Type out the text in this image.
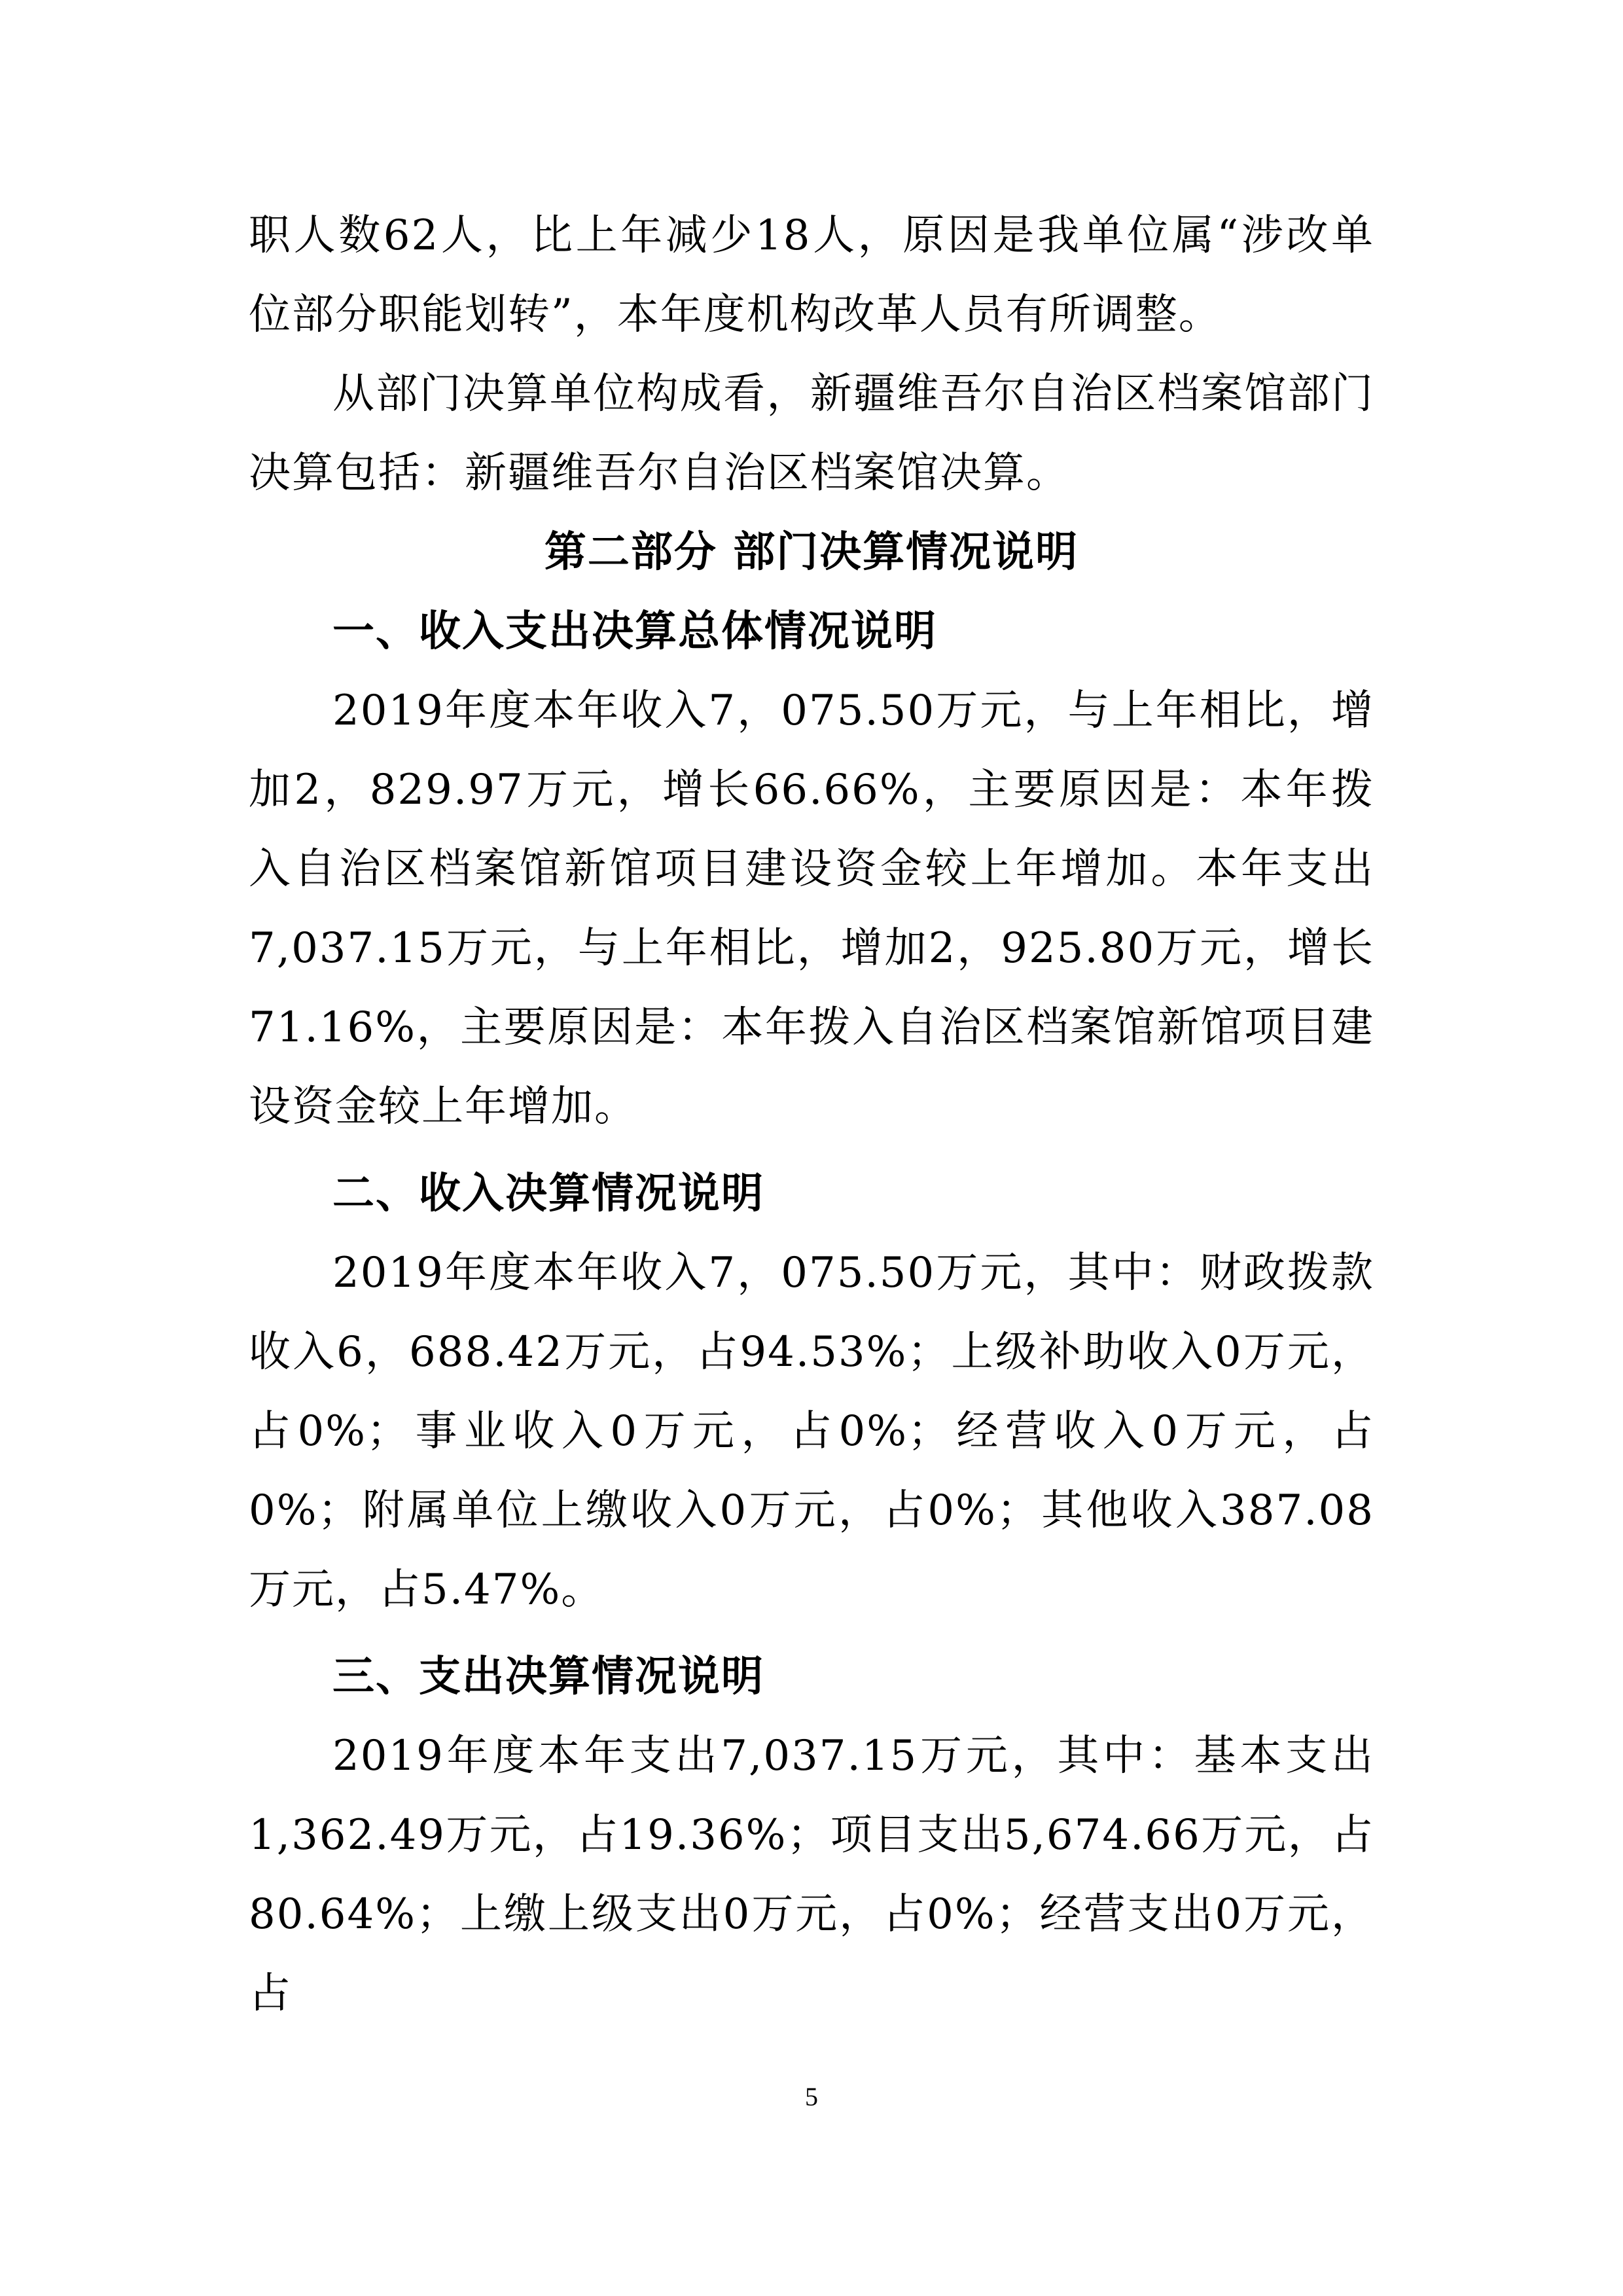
职人数62人，比上年减少18人，原因是我单位属“涉改单位部分职能划转”，本年度机构改革人员有所调整。

从部门决算单位构成看，新疆维吾尔自治区档案馆部门决算包括：新疆维吾尔自治区档案馆决算。

第二部分 部门决算情况说明

一、收入支出决算总体情况说明

2019年度本年收入7，075.50万元，与上年相比，增加2，829.97万元，增长66.66%，主要原因是：本年拨入自治区档案馆新馆项目建设资金较上年增加。本年支出7,037.15万元，与上年相比，增加2，925.80万元，增长71.16%，主要原因是：本年拨入自治区档案馆新馆项目建设资金较上年增加。

二、收入决算情况说明

2019年度本年收入7，075.50万元，其中：财政拨款收入6，688.42万元，占94.53%；上级补助收入0万元，占0%；事业收入0万元，占0%；经营收入0万元，占0%；附属单位上缴收入0万元，占0%；其他收入387.08万元，占5.47%。

三、支出决算情况说明

2019年度本年支出7,037.15万元，其中：基本支出1,362.49万元，占19.36%；项目支出5,674.66万元，占80.64%；上缴上级支出0万元，占0%；经营支出0万元，占

5
